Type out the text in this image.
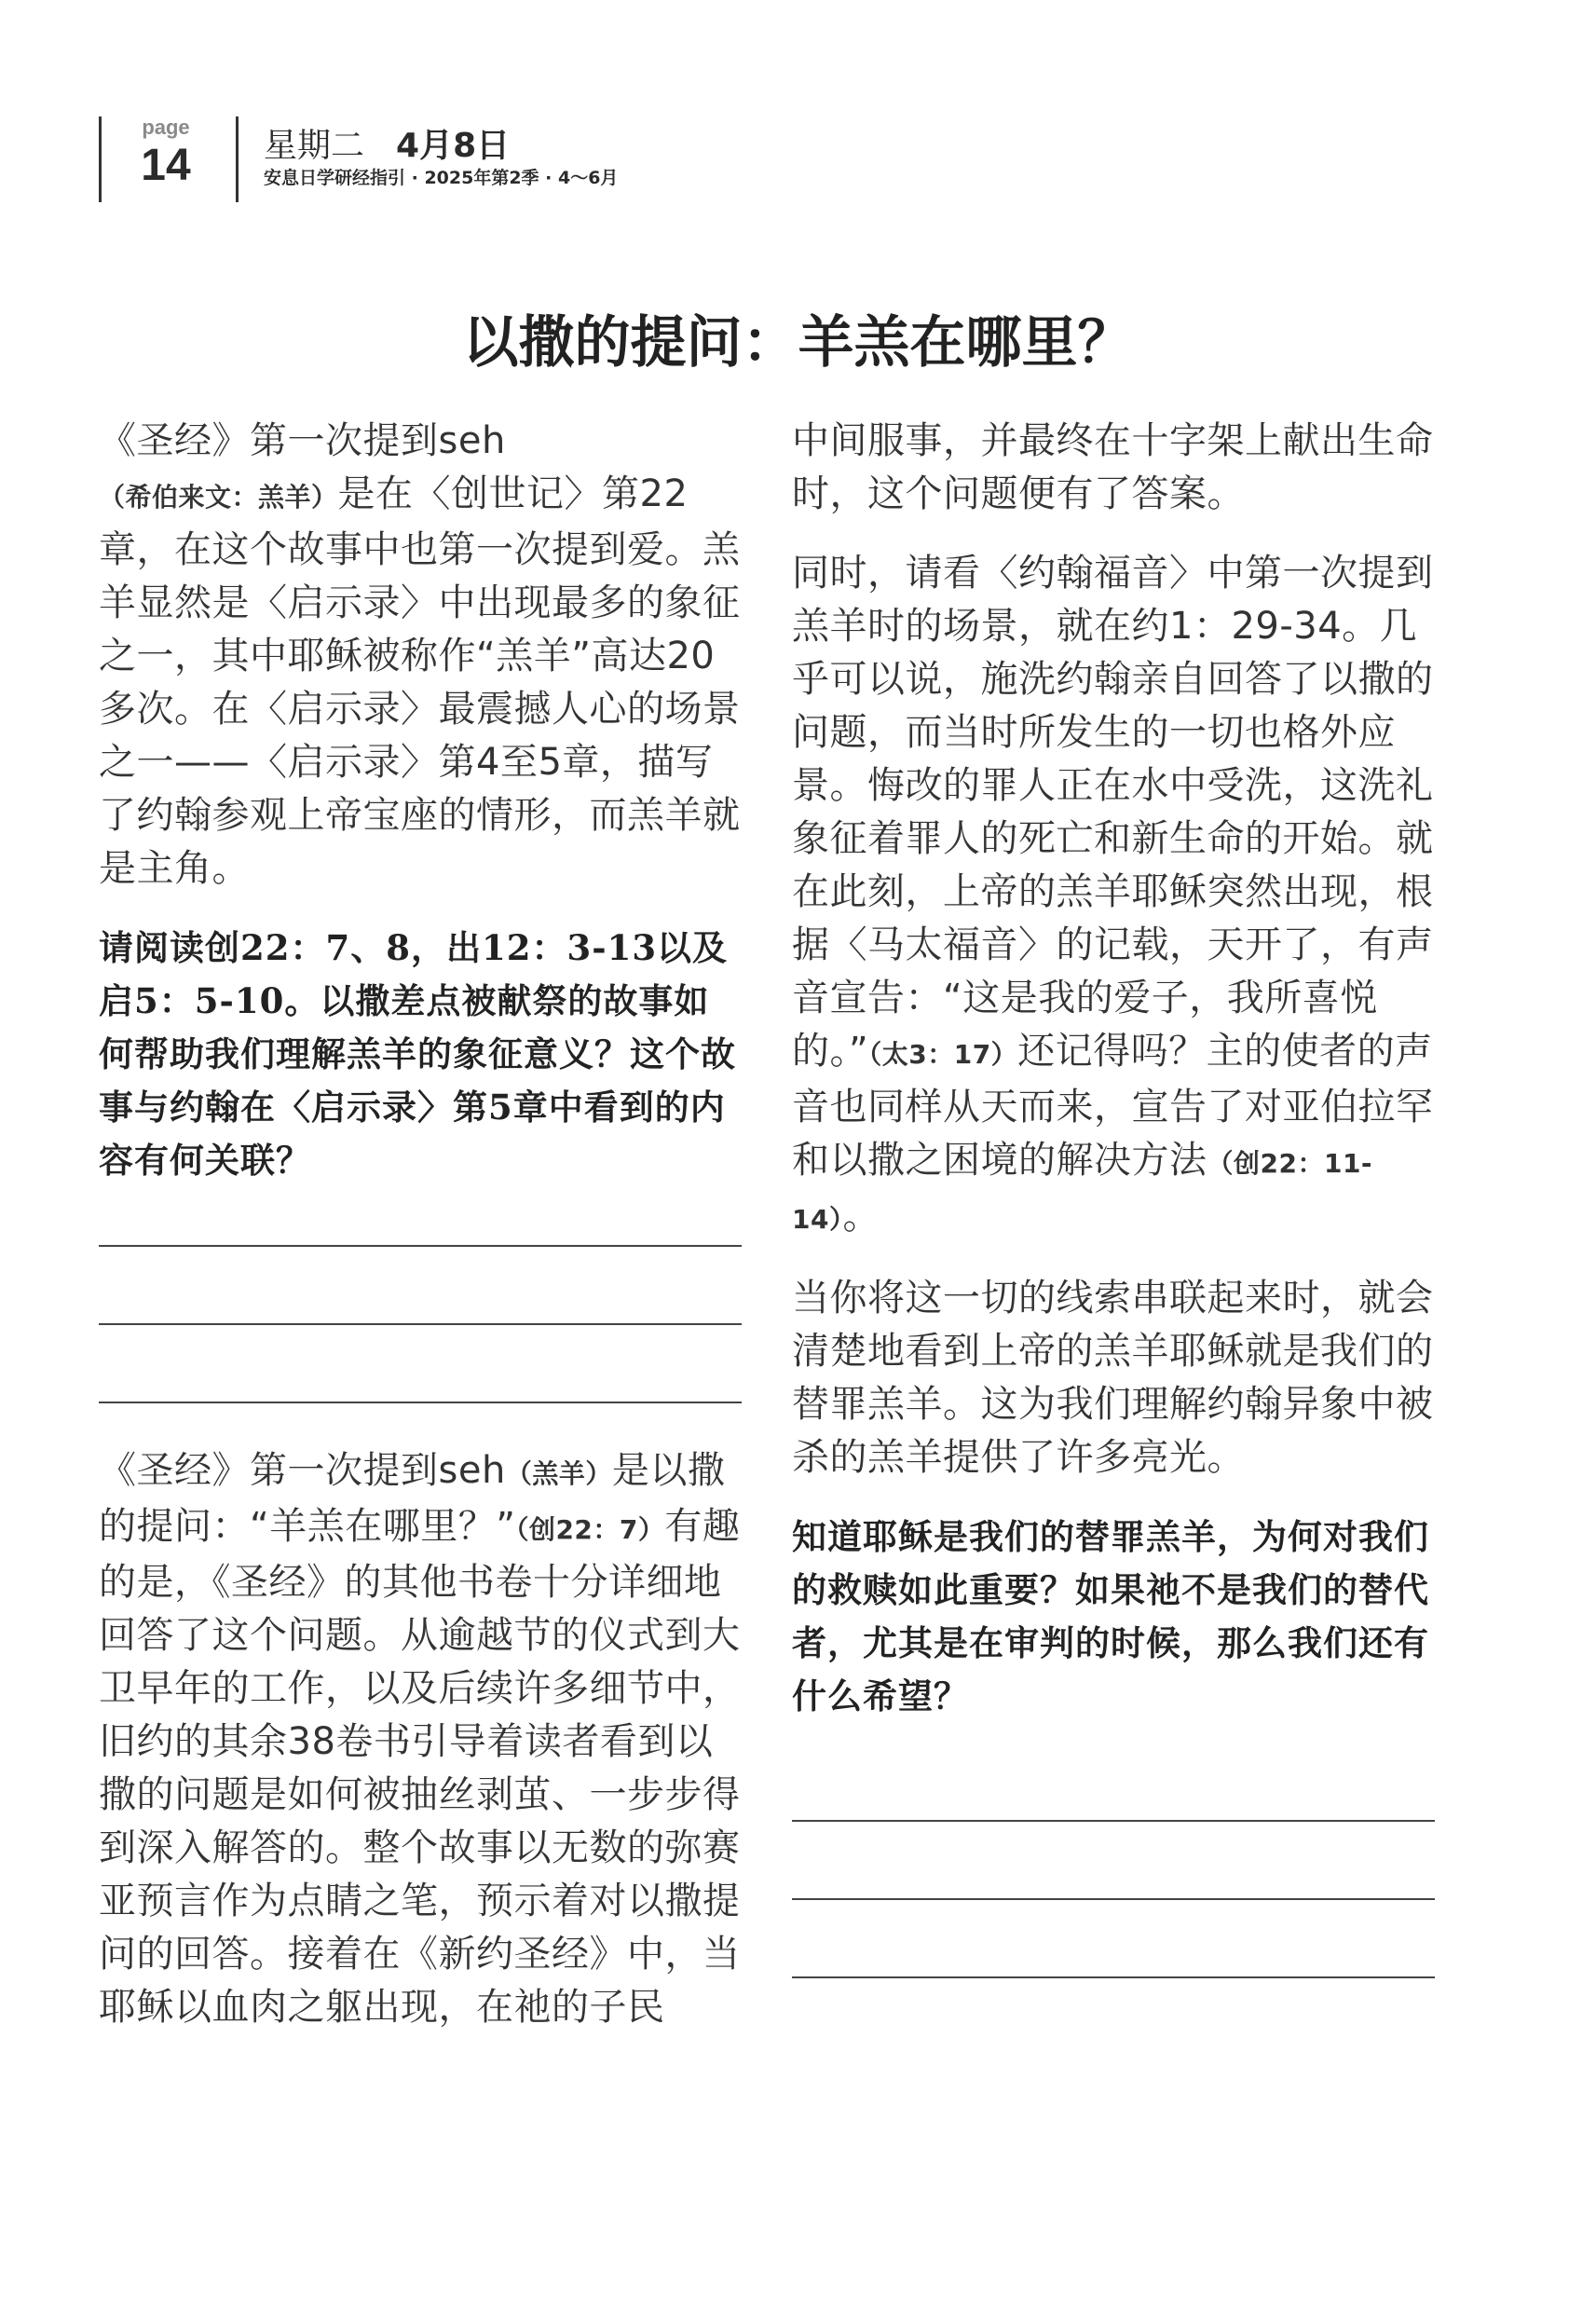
page
14	星期二 4月8日
安息日学研经指引 · 2025年第2季 · 4～6月
以撒的提问：羊羔在哪里？

《圣经》第一次提到seh（希伯来文：羔羊）是在〈创世记〉第22章，在这个故事中也第一次提到爱。羔羊显然是〈启示录〉中出现最多的象征之一，其中耶稣被称作“羔羊”高达20多次。在〈启示录〉最震撼人心的场景之一——〈启示录〉第4至5章，描写了约翰参观上帝宝座的情形，而羔羊就是主角。

请阅读创22：7、8，出12：3-13以及启5：5-10。以撒差点被献祭的故事如何帮助我们理解羔羊的象征意义？这个故事与约翰在〈启示录〉第5章中看到的内容有何关联？

《圣经》第一次提到seh（羔羊）是以撒的提问：“羊羔在哪里？”（创22：7）有趣的是，《圣经》的其他书卷十分详细地回答了这个问题。从逾越节的仪式到大卫早年的工作，以及后续许多细节中，旧约的其余38卷书引导着读者看到以撒的问题是如何被抽丝剥茧、一步步得到深入解答的。整个故事以无数的弥赛亚预言作为点睛之笔，预示着对以撒提问的回答。接着在《新约圣经》中，当耶稣以血肉之躯出现，在祂的子民

中间服事，并最终在十字架上献出生命时，这个问题便有了答案。

同时，请看〈约翰福音〉中第一次提到羔羊时的场景，就在约1：29-34。几乎可以说，施洗约翰亲自回答了以撒的问题，而当时所发生的一切也格外应景。悔改的罪人正在水中受洗，这洗礼象征着罪人的死亡和新生命的开始。就在此刻，上帝的羔羊耶稣突然出现，根据〈马太福音〉的记载，天开了，有声音宣告：“这是我的爱子，我所喜悦的。”（太3：17）还记得吗？主的使者的声音也同样从天而来，宣告了对亚伯拉罕和以撒之困境的解决方法（创22：11-14）。

当你将这一切的线索串联起来时，就会清楚地看到上帝的羔羊耶稣就是我们的替罪羔羊。这为我们理解约翰异象中被杀的羔羊提供了许多亮光。

知道耶稣是我们的替罪羔羊，为何对我们的救赎如此重要？如果祂不是我们的替代者，尤其是在审判的时候，那么我们还有什么希望？
